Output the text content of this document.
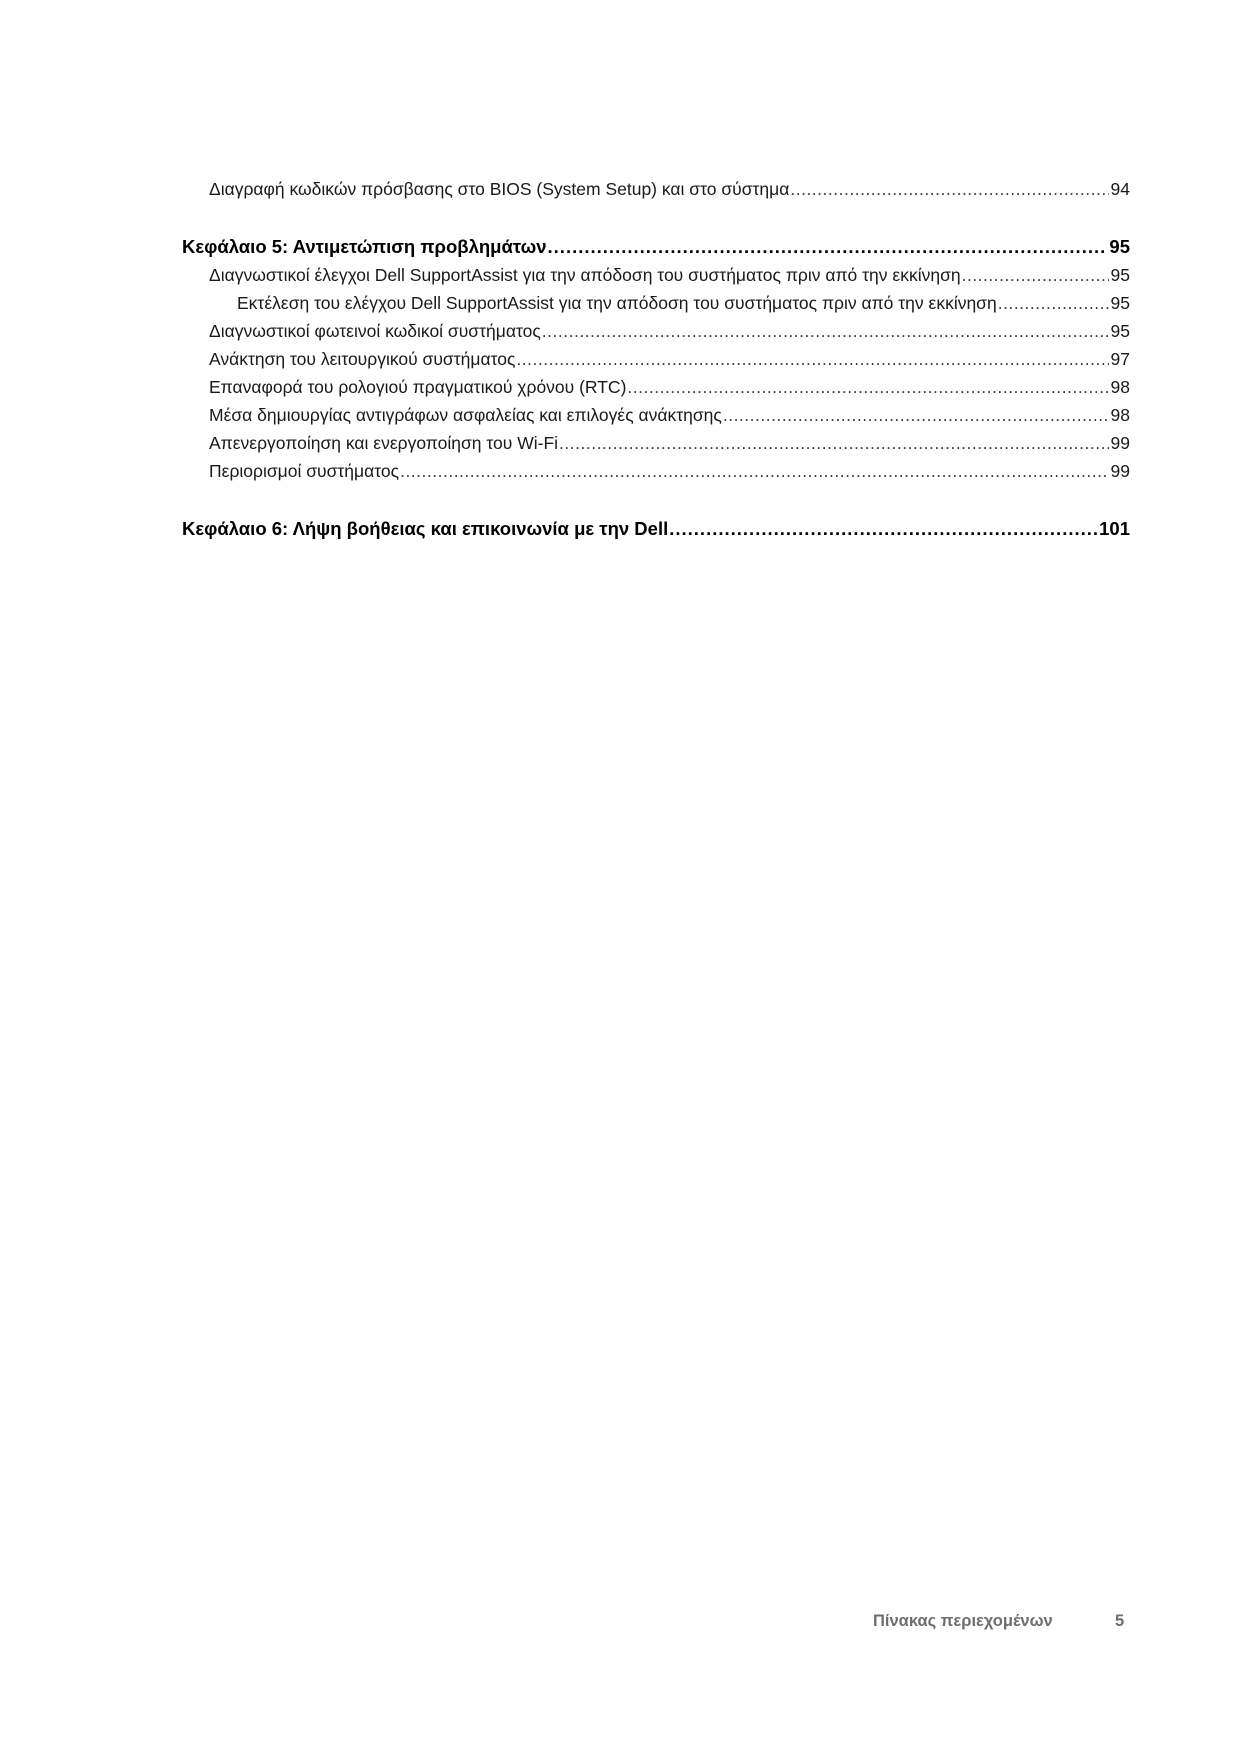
Διαγραφή κωδικών πρόσβασης στο BIOS (System Setup) και στο σύστημα .....	94
Κεφάλαιο 5: Αντιμετώπιση προβλημάτων .....	95
Διαγνωστικοί έλεγχοι Dell SupportAssist για την απόδοση του συστήματος πριν από την εκκίνηση .....	95
Εκτέλεση του ελέγχου Dell SupportAssist για την απόδοση του συστήματος πριν από την εκκίνηση .....	95
Διαγνωστικοί φωτεινοί κωδικοί συστήματος .....	95
Ανάκτηση του λειτουργικού συστήματος .....	97
Επαναφορά του ρολογιού πραγματικού χρόνου (RTC) .....	98
Μέσα δημιουργίας αντιγράφων ασφαλείας και επιλογές ανάκτησης .....	98
Απενεργοποίηση και ενεργοποίηση του Wi-Fi .....	99
Περιορισμοί συστήματος .....	99
Κεφάλαιο 6: Λήψη βοήθειας και επικοινωνία με την Dell .....	101
Πίνακας περιεχομένων	5
